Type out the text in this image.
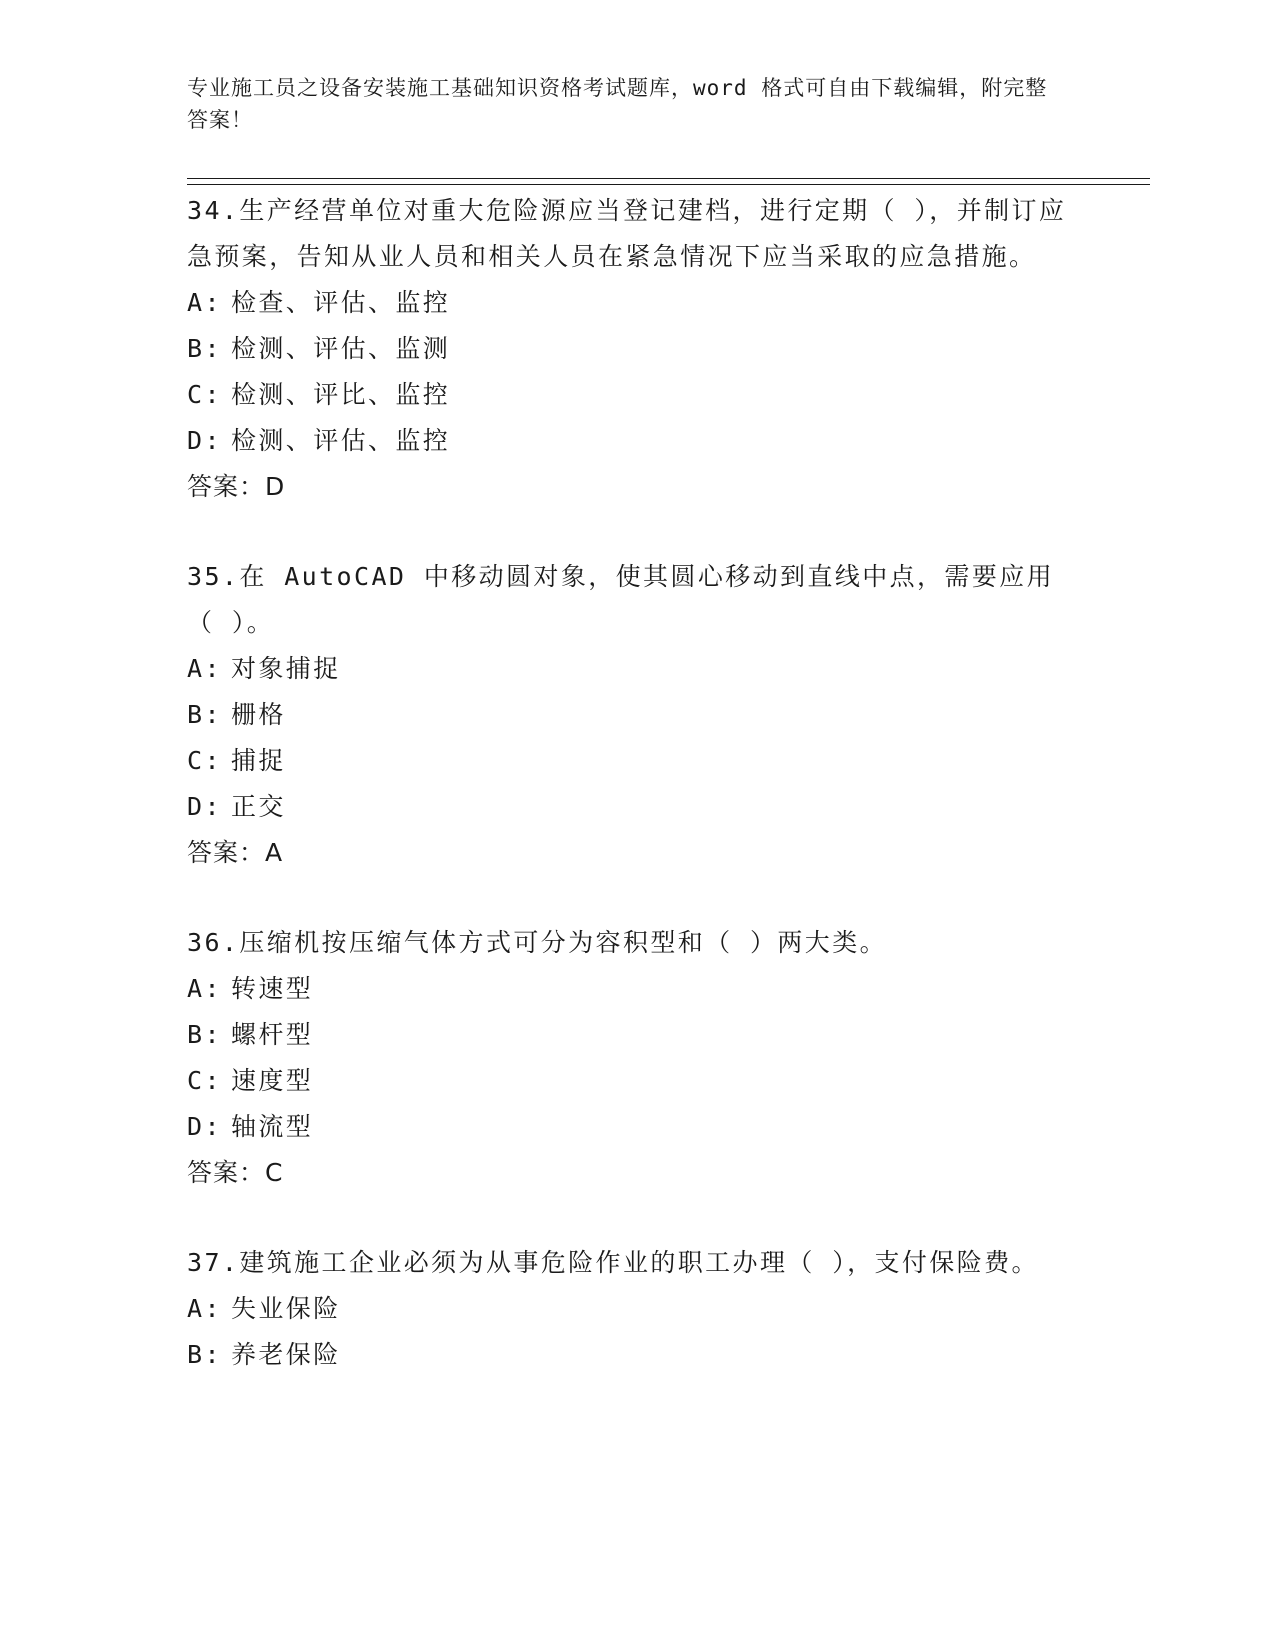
专业施工员之设备安装施工基础知识资格考试题库，word 格式可自由下载编辑，附完整答案！
34.生产经营单位对重大危险源应当登记建档，进行定期（ ），并制订应急预案，告知从业人员和相关人员在紧急情况下应当采取的应急措施。
A: 检查、评估、监控
B: 检测、评估、监测
C: 检测、评比、监控
D: 检测、评估、监控
答案：D
35.在 AutoCAD 中移动圆对象，使其圆心移动到直线中点，需要应用（ ）。
A: 对象捕捉
B: 栅格
C: 捕捉
D: 正交
答案：A
36.压缩机按压缩气体方式可分为容积型和（ ）两大类。
A: 转速型
B: 螺杆型
C: 速度型
D: 轴流型
答案：C
37.建筑施工企业必须为从事危险作业的职工办理（ ），支付保险费。
A: 失业保险
B: 养老保险
